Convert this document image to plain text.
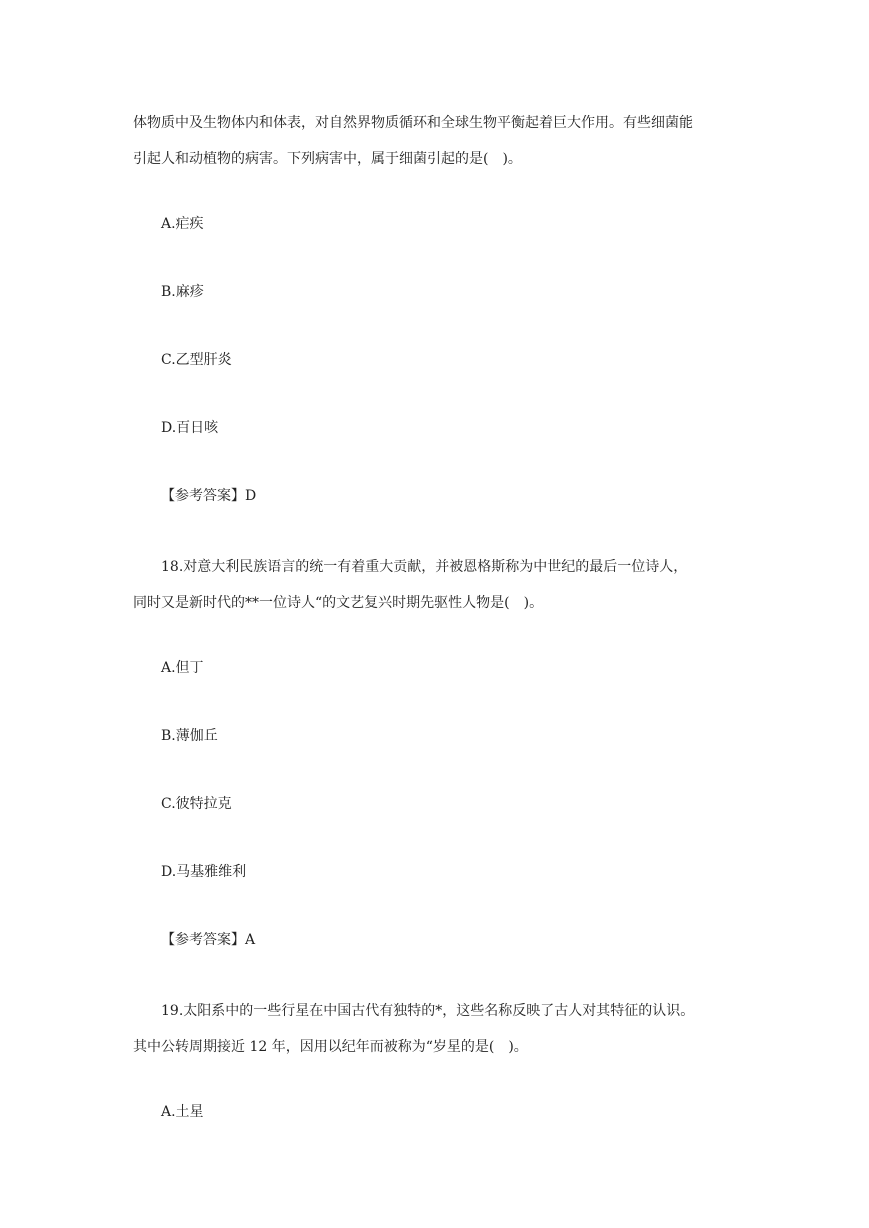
体物质中及生物体内和体表，对自然界物质循环和全球生物平衡起着巨大作用。有些细菌能
引起人和动植物的病害。下列病害中，属于细菌引起的是(　)。
A.疟疾
B.麻疹
C.乙型肝炎
D.百日咳
【参考答案】D
18.对意大利民族语言的统一有着重大贡献，并被恩格斯称为中世纪的最后一位诗人，
同时又是新时代的**一位诗人“的文艺复兴时期先驱性人物是(　)。
A.但丁
B.薄伽丘
C.彼特拉克
D.马基雅维利
【参考答案】A
19.太阳系中的一些行星在中国古代有独特的*，这些名称反映了古人对其特征的认识。
其中公转周期接近 12 年，因用以纪年而被称为“岁星的是(　)。
A.土星
